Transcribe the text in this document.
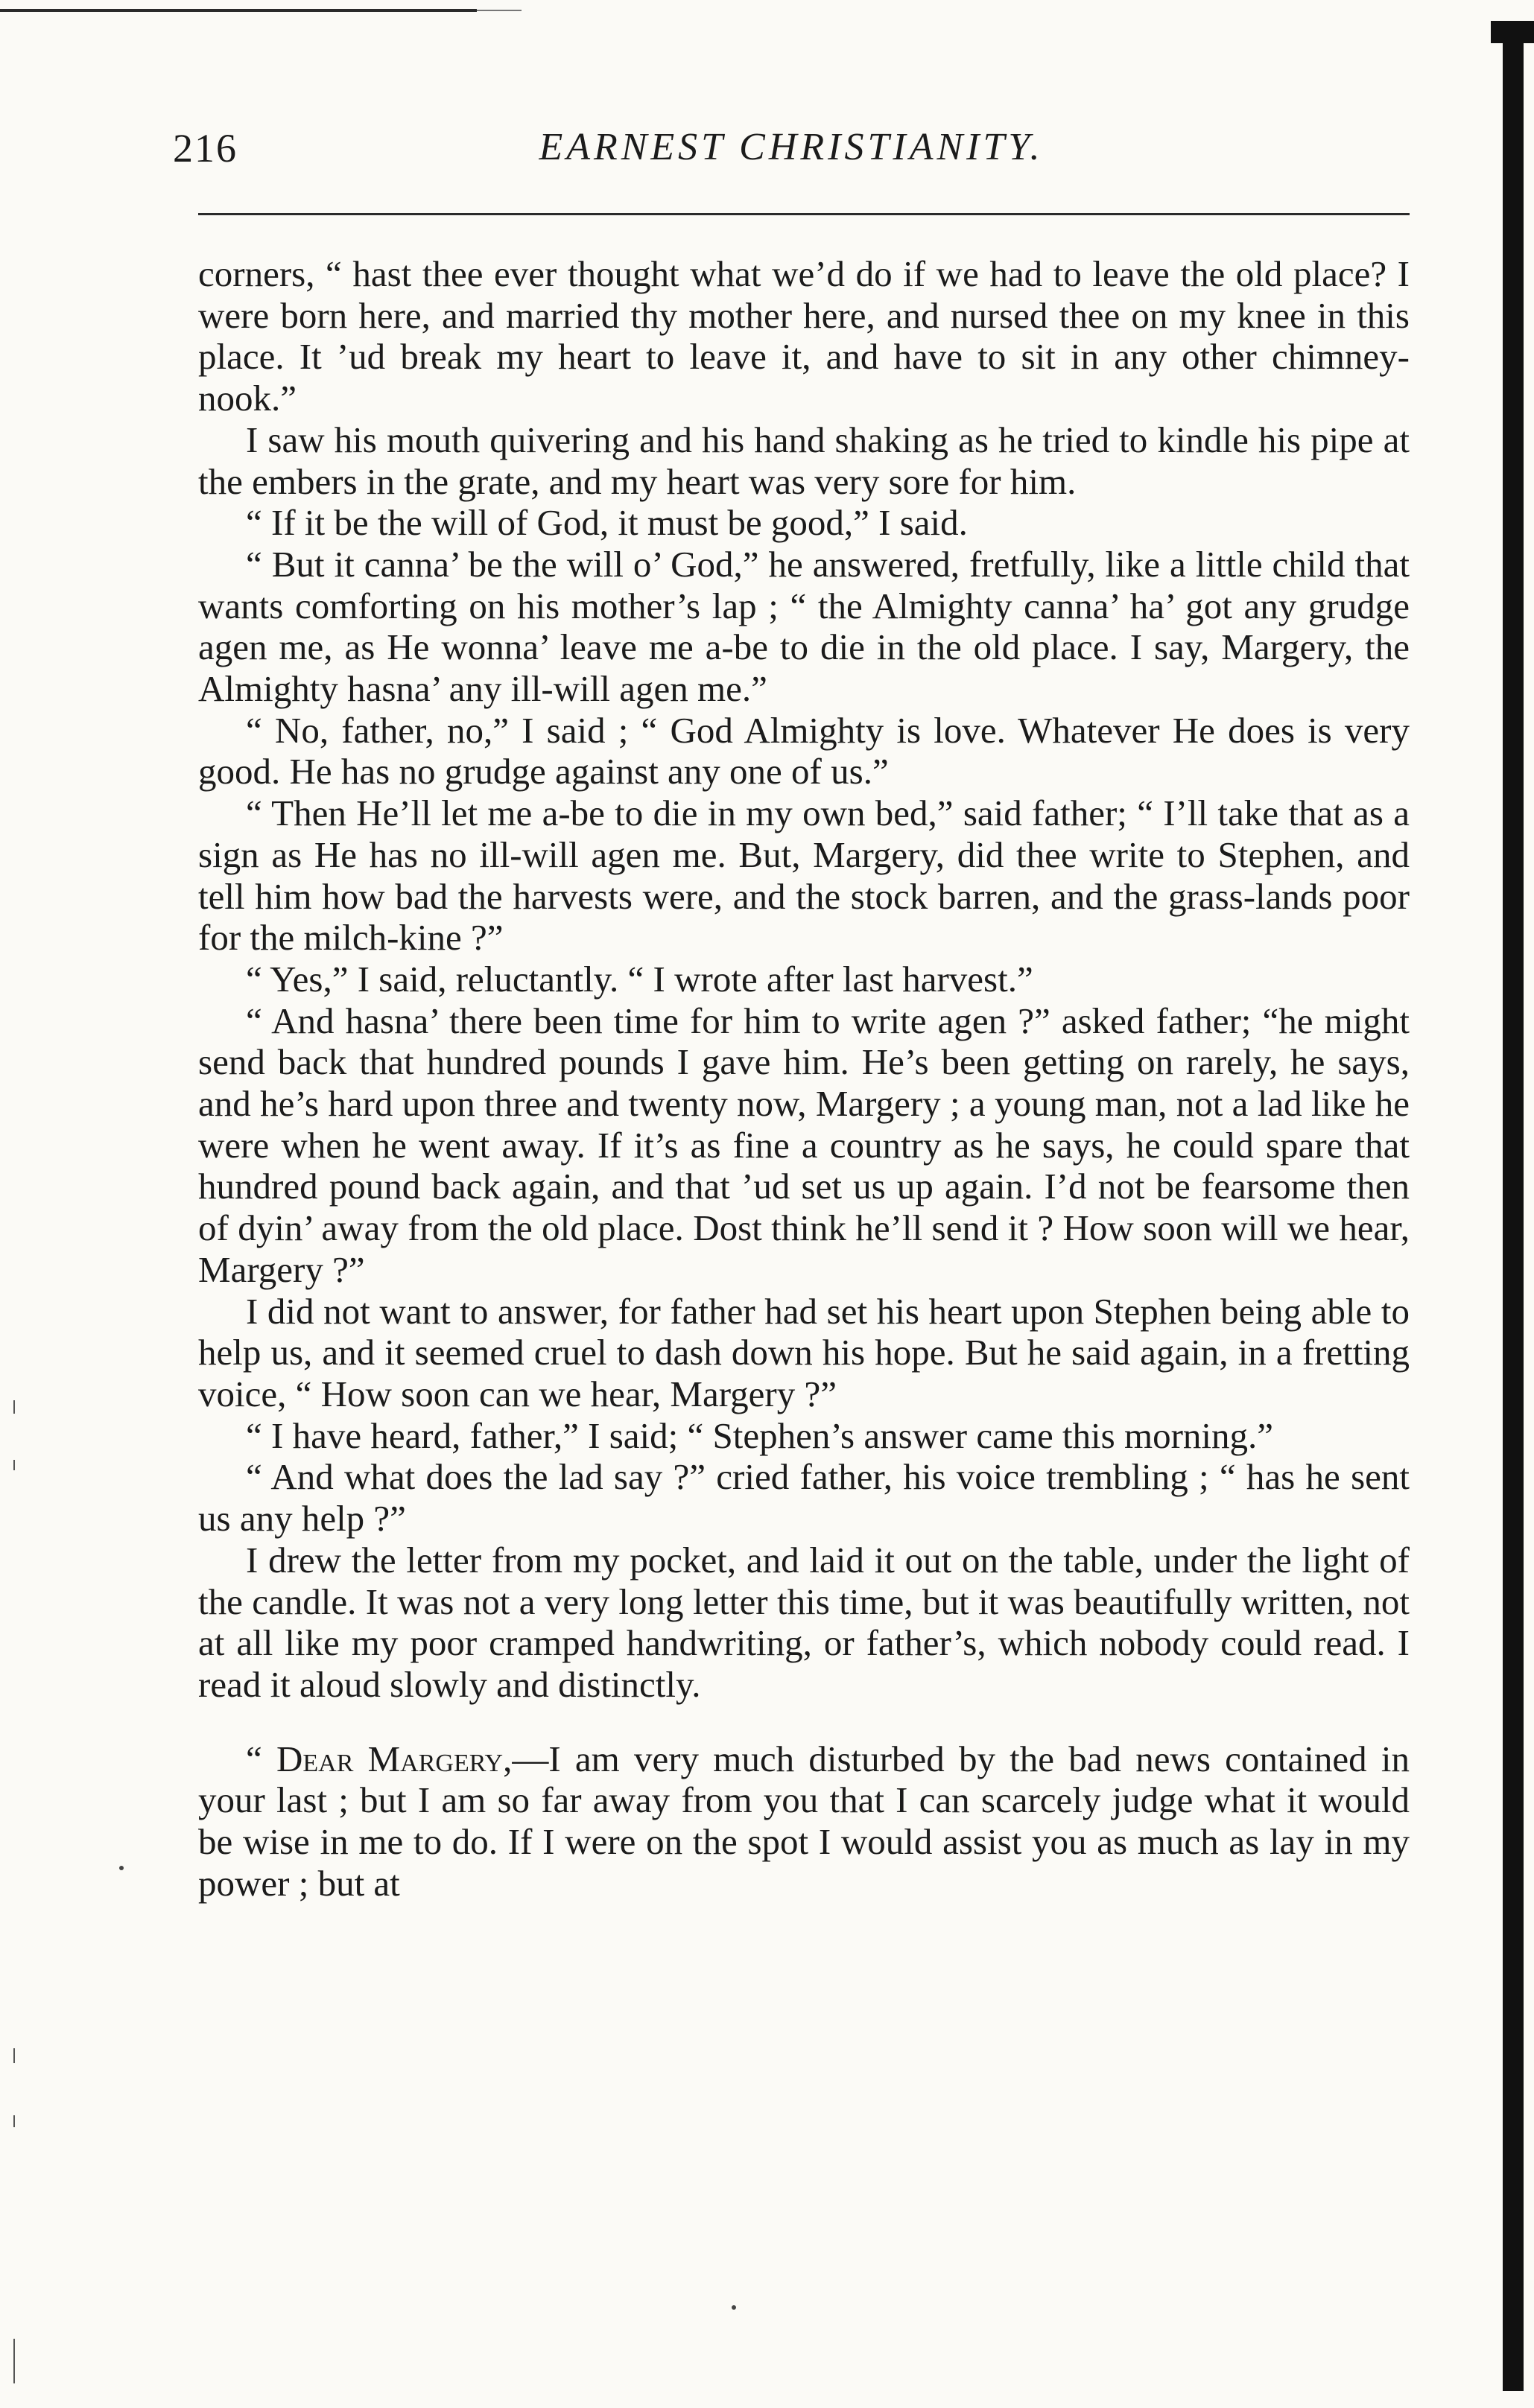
216	EARNEST CHRISTIANITY.

corners, “ hast thee ever thought what we’d do if we had to leave the old place? I were born here, and married thy mother here, and nursed thee on my knee in this place. It ’ud break my heart to leave it, and have to sit in any other chimney-nook.”

I saw his mouth quivering and his hand shaking as he tried to kindle his pipe at the embers in the grate, and my heart was very sore for him.

“ If it be the will of God, it must be good,” I said.

“ But it canna’ be the will o’ God,” he answered, fretfully, like a little child that wants comforting on his mother’s lap ; “ the Almighty canna’ ha’ got any grudge agen me, as He wonna’ leave me a-be to die in the old place. I say, Margery, the Almighty hasna’ any ill-will agen me.”

“ No, father, no,” I said ; “ God Almighty is love. Whatever He does is very good. He has no grudge against any one of us.”

“ Then He’ll let me a-be to die in my own bed,” said father; “ I’ll take that as a sign as He has no ill-will agen me. But, Margery, did thee write to Stephen, and tell him how bad the harvests were, and the stock barren, and the grass-lands poor for the milch-kine ?”

“ Yes,” I said, reluctantly. “ I wrote after last harvest.”

“ And hasna’ there been time for him to write agen ?” asked father; “he might send back that hundred pounds I gave him. He’s been getting on rarely, he says, and he’s hard upon three and twenty now, Margery ; a young man, not a lad like he were when he went away. If it’s as fine a country as he says, he could spare that hundred pound back again, and that ’ud set us up again. I’d not be fearsome then of dyin’ away from the old place. Dost think he’ll send it ? How soon will we hear, Margery ?”

I did not want to answer, for father had set his heart upon Stephen being able to help us, and it seemed cruel to dash down his hope. But he said again, in a fretting voice, “ How soon can we hear, Margery ?”

“ I have heard, father,” I said; “ Stephen’s answer came this morning.”

“ And what does the lad say ?” cried father, his voice trembling ; “ has he sent us any help ?”

I drew the letter from my pocket, and laid it out on the table, under the light of the candle. It was not a very long letter this time, but it was beautifully written, not at all like my poor cramped handwriting, or father’s, which nobody could read. I read it aloud slowly and distinctly.

“ Dear Margery,—I am very much disturbed by the bad news contained in your last ; but I am so far away from you that I can scarcely judge what it would be wise in me to do. If I were on the spot I would assist you as much as lay in my power ; but at
